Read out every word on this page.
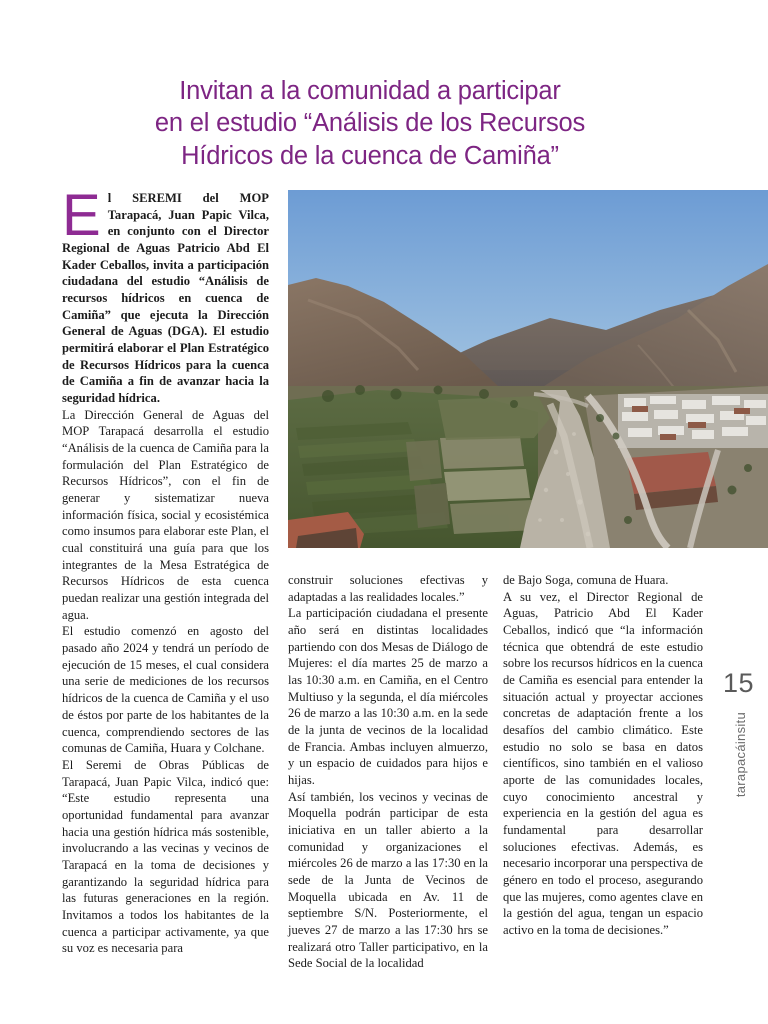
Invitan a la comunidad a participar
en el estudio “Análisis de los Recursos
Hídricos de la cuenca de Camiña”

El SEREMI del MOP Tarapacá, Juan Papic Vilca, en conjunto con el Director Regional de Aguas Patricio Abd El Kader Ceballos, invita a participación ciudadana del estudio “Análisis de recursos hídricos en cuenca de Camiña” que ejecuta la Dirección General de Aguas (DGA). El estudio permitirá elaborar el Plan Estratégico de Recursos Hídricos para la cuenca de Camiña a fin de avanzar hacia la seguridad hídrica.

La Dirección General de Aguas del MOP Tarapacá desarrolla el estudio “Análisis de la cuenca de Camiña para la formulación del Plan Estratégico de Recursos Hídricos”, con el fin de generar y sistematizar nueva información física, social y ecosistémica como insumos para elaborar este Plan, el cual constituirá una guía para que los integrantes de la Mesa Estratégica de Recursos Hídricos de esta cuenca puedan realizar una gestión integrada del agua.

El estudio comenzó en agosto del pasado año 2024 y tendrá un período de ejecución de 15 meses, el cual considera una serie de mediciones de los recursos hídricos de la cuenca de Camiña y el uso de éstos por parte de los habitantes de la cuenca, comprendiendo sectores de las comunas de Camiña, Huara y Colchane.

El Seremi de Obras Públicas de Tarapacá, Juan Papic Vilca, indicó que: “Este estudio representa una oportunidad fundamental para avanzar hacia una gestión hídrica más sostenible, involucrando a las vecinas y vecinos de Tarapacá en la toma de decisiones y garantizando la seguridad hídrica para las futuras generaciones en la región. Invitamos a todos los habitantes de la cuenca a participar activamente, ya que su voz es necesaria para

construir soluciones efectivas y adaptadas a las realidades locales.”

La participación ciudadana el presente año será en distintas localidades partiendo con dos Mesas de Diálogo de Mujeres: el día martes 25 de marzo a las 10:30 a.m. en Camiña, en el Centro Multiuso y la segunda, el día miércoles 26 de marzo a las 10:30 a.m. en la sede de la junta de vecinos de la localidad de Francia. Ambas incluyen almuerzo, y un espacio de cuidados para hijos e hijas.

Así también, los vecinos y vecinas de Moquella podrán participar de esta iniciativa en un taller abierto a la comunidad y organizaciones el miércoles 26 de marzo a las 17:30 en la sede de la Junta de Vecinos de Moquella ubicada en Av. 11 de septiembre S/N. Posteriormente, el jueves 27 de marzo a las 17:30 hrs se realizará otro Taller participativo, en la Sede Social de la localidad

de Bajo Soga, comuna de Huara.

A su vez, el Director Regional de Aguas, Patricio Abd El Kader Ceballos, indicó que “la información técnica que obtendrá de este estudio sobre los recursos hídricos en la cuenca de Camiña es esencial para entender la situación actual y proyectar acciones concretas de adaptación frente a los desafíos del cambio climático. Este estudio no solo se basa en datos científicos, sino también en el valioso aporte de las comunidades locales, cuyo conocimiento ancestral y experiencia en la gestión del agua es fundamental para desarrollar soluciones efectivas. Además, es necesario incorporar una perspectiva de género en todo el proceso, asegurando que las mujeres, como agentes clave en la gestión del agua, tengan un espacio activo en la toma de decisiones.”

15
tarapacáinsitu
